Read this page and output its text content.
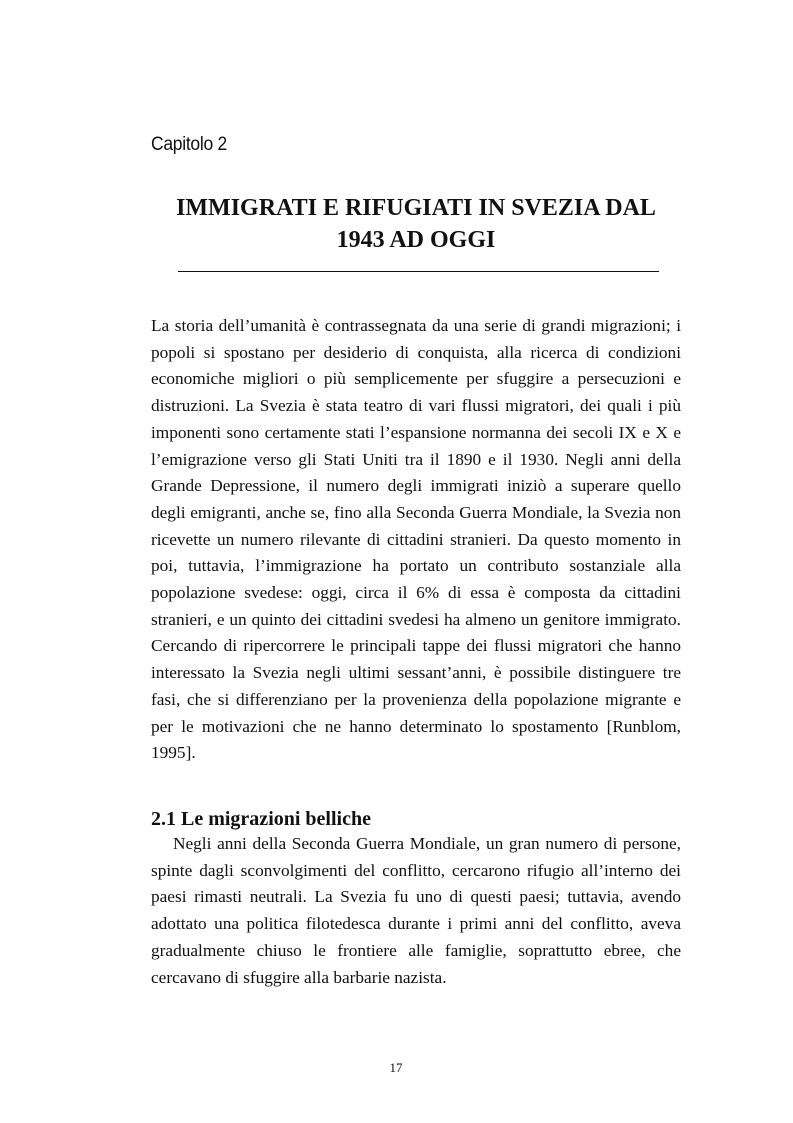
Capitolo 2
IMMIGRATI E RIFUGIATI IN SVEZIA DAL 1943 AD OGGI

La storia dell’umanità è contrassegnata da una serie di grandi migrazioni; i popoli si spostano per desiderio di conquista, alla ricerca di condizioni economiche migliori o più semplicemente per sfuggire a persecuzioni e distruzioni. La Svezia è stata teatro di vari flussi migratori, dei quali i più imponenti sono certamente stati l’espansione normanna dei secoli IX e X e l’emigrazione verso gli Stati Uniti tra il 1890 e il 1930. Negli anni della Grande Depressione, il numero degli immigrati iniziò a superare quello degli emigranti, anche se, fino alla Seconda Guerra Mondiale, la Svezia non ricevette un numero rilevante di cittadini stranieri. Da questo momento in poi, tuttavia, l’immigrazione ha portato un contributo sostanziale alla popolazione svedese: oggi, circa il 6% di essa è composta da cittadini stranieri, e un quinto dei cittadini svedesi ha almeno un genitore immigrato. Cercando di ripercorrere le principali tappe dei flussi migratori che hanno interessato la Svezia negli ultimi sessant’anni, è possibile distinguere tre fasi, che si differenziano per la provenienza della popolazione migrante e per le motivazioni che ne hanno determinato lo spostamento [Runblom, 1995].

2.1 Le migrazioni belliche

Negli anni della Seconda Guerra Mondiale, un gran numero di persone, spinte dagli sconvolgimenti del conflitto, cercarono rifugio all’interno dei paesi rimasti neutrali. La Svezia fu uno di questi paesi; tuttavia, avendo adottato una politica filotedesca durante i primi anni del conflitto, aveva gradualmente chiuso le frontiere alle famiglie, soprattutto ebree, che cercavano di sfuggire alla barbarie nazista.

17
